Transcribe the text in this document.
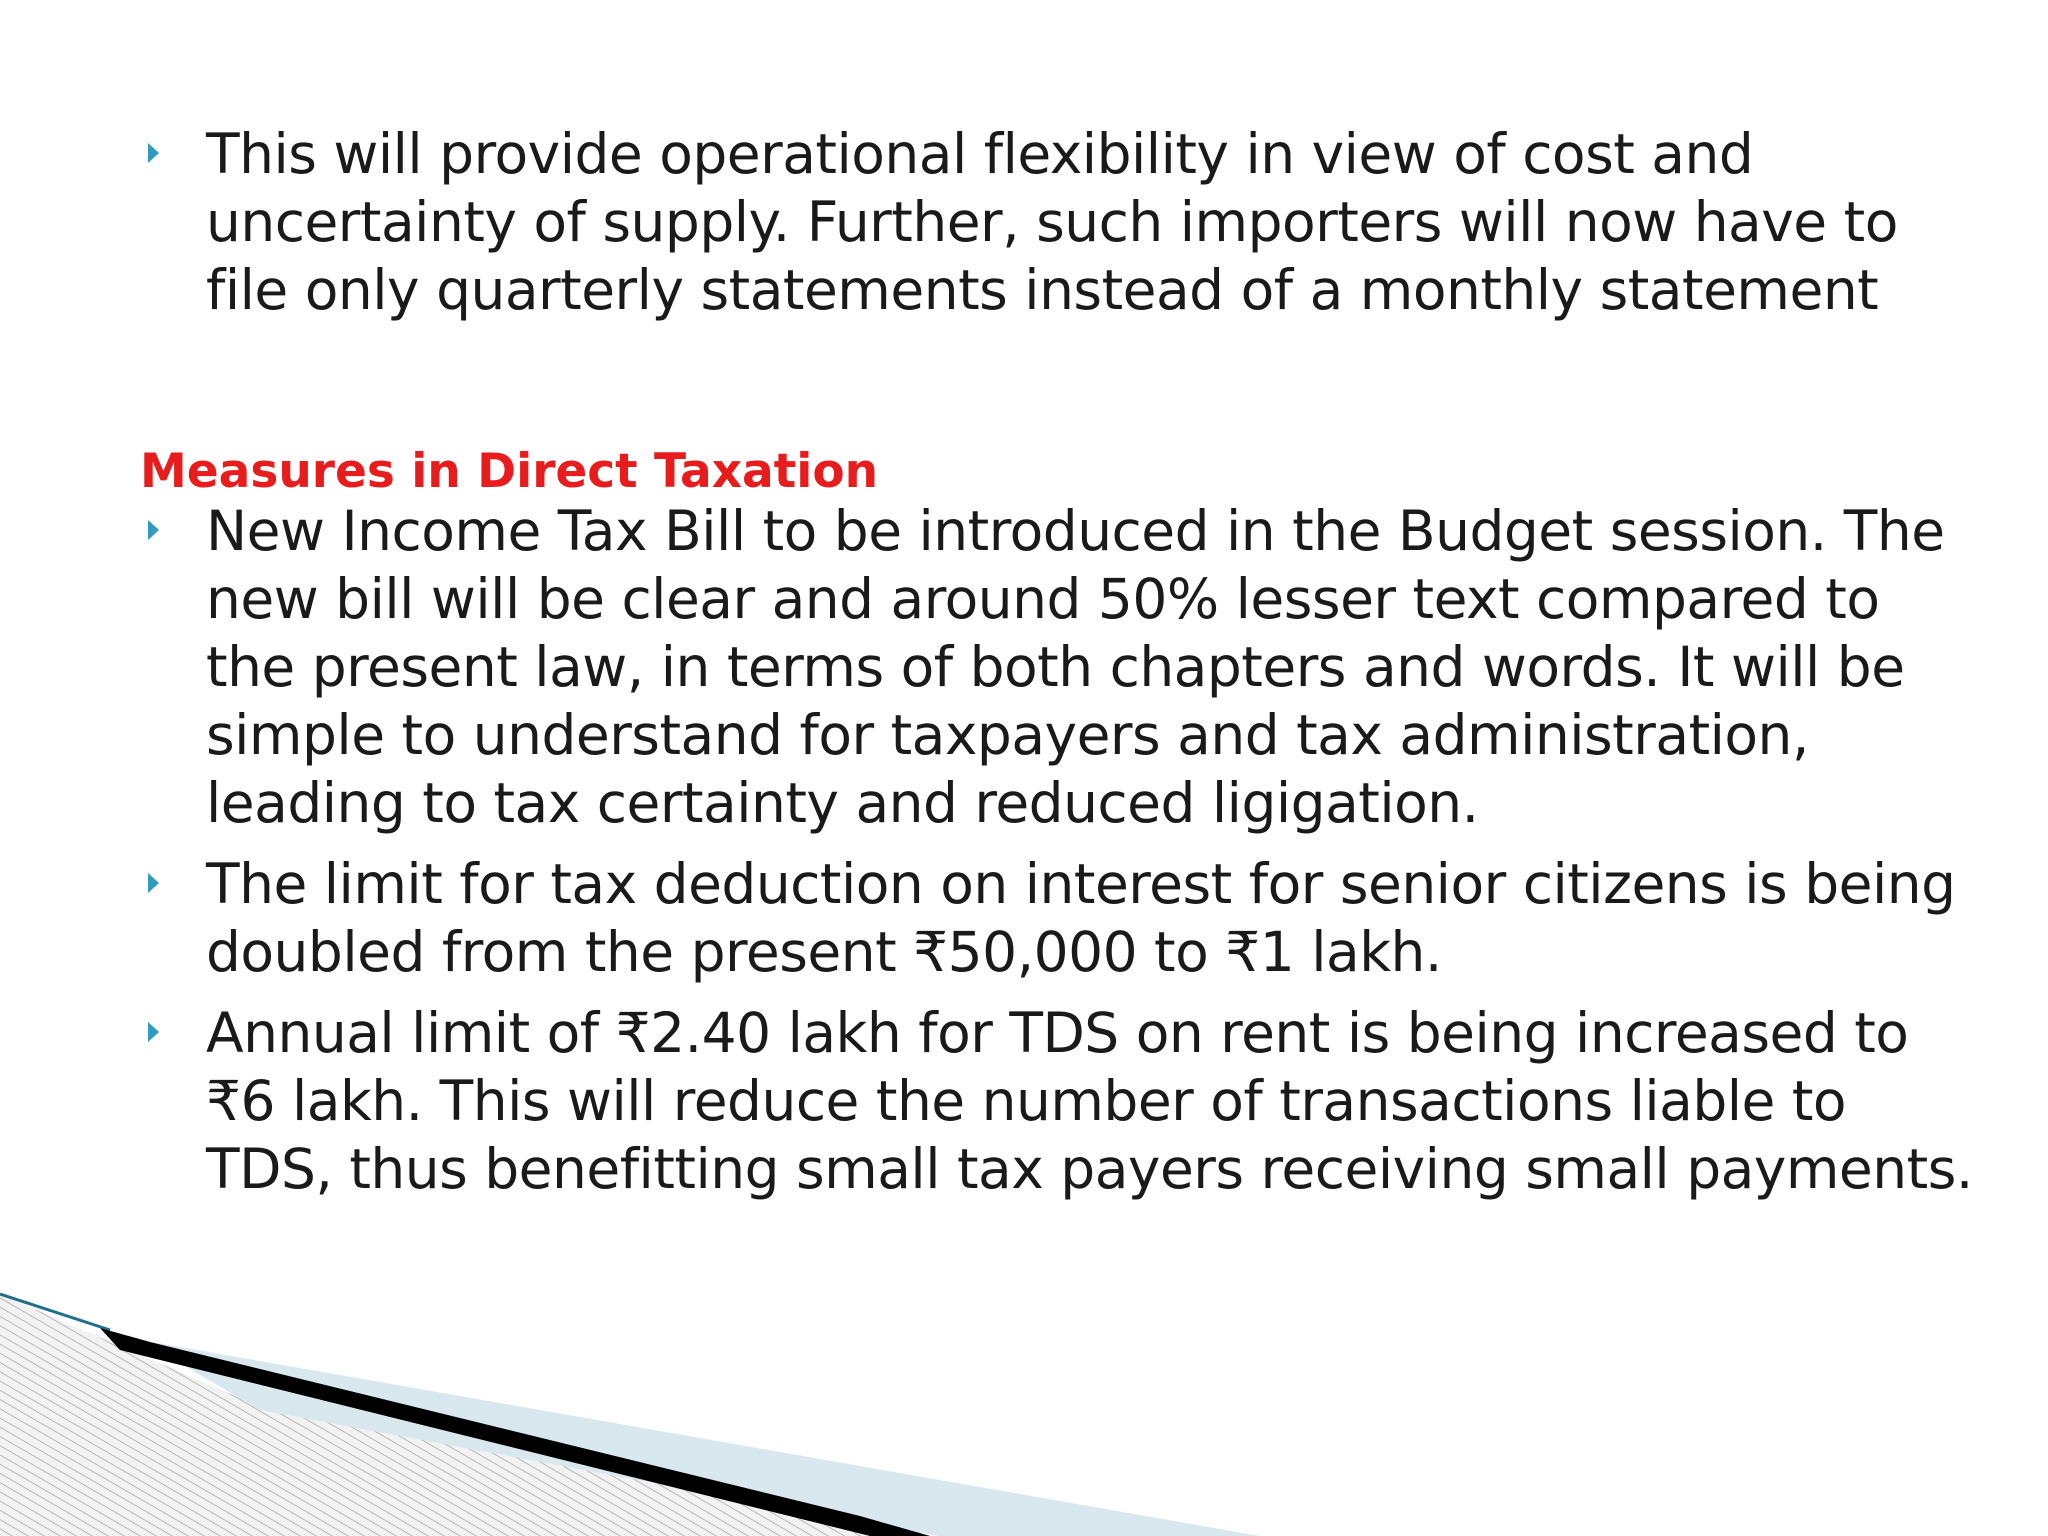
This will provide operational flexibility in view of cost and
uncertainty of supply. Further, such importers will now have to
file only quarterly statements instead of a monthly statement
Measures in Direct Taxation
New Income Tax Bill to be introduced in the Budget session. The
new bill will be clear and around 50% lesser text compared to
the present law, in terms of both chapters and words. It will be
simple to understand for taxpayers and tax administration,
leading to tax certainty and reduced ligigation.
The limit for tax deduction on interest for senior citizens is being
doubled from the present ₹50,000 to ₹1 lakh.
Annual limit of ₹2.40 lakh for TDS on rent is being increased to
₹6 lakh. This will reduce the number of transactions liable to
TDS, thus benefitting small tax payers receiving small payments.
